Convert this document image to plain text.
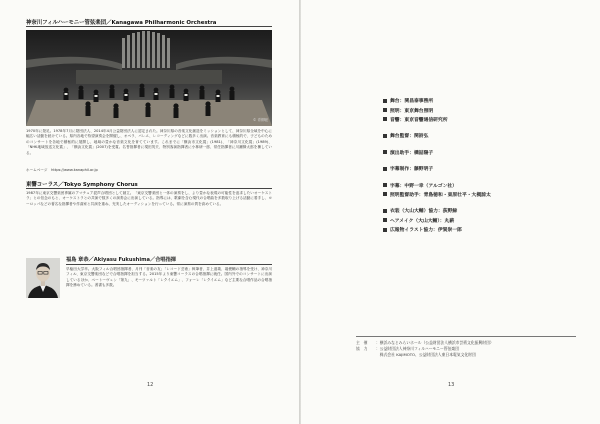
神奈川フィルハーモニー管弦楽団／Kanagawa Philharmonic Orchestra
© 青柳聡
1970年に発足。1978年7月に財団法人、2014年4月公益財団法人に認定された。神奈川県の音楽文化創造をミッションとして、神奈川県全域を中心に幅広い活動を続けている。県内各地で待望演奏会を開催し、オペラ、バレエ、レコーディングなどに数多く出演。音楽教育にも積極的で、子どものためのコンサートを各地で積極的に展開し、地域の豊かな音楽文化を育てています。これまでに「横浜市文化賞」(1981)、「神奈川文化賞」(1989)、「NHK地域放送文化賞」、「横浜文化賞」(2007)を受賞。名誉指揮者に現田茂夫、特別客演指揮者に小林研一郎、常任指揮者に川瀬賢太郎を擁している。
ホームページ　 https://www.kanaphil.or.jp
東響コーラス／Tokyo Symphony Chorus
1987年に東京交響楽団専属のアマチュア混声合唱団として創立。「東京交響楽団と一体の演奏をし、より豊かな表現の可能性を追求したいオーケストラ」との信念のもと、オーケストラとの共演で数多くの演奏会に出演している。指導には、歌劇を含む現代の合唱曲を多数取り上げる活動に着手し、ヨーロッパなどの著名な指揮者や作曲家と共演を重ね、充実したオーディションを行っている。常に演奏の質を高めている。
福島 章恭／Akiyasu Fukushima／合唱指揮
早稲田大学卒。大阪フィル合唱団指揮者、月刊「音楽の友」「レコード芸術」執筆者、井上道義、堀俊輔の指導を受け、神奈川フィル、東京交響楽団などで合唱指揮を担当する。2015年より東響コーラスの合唱指揮に就任。国内外でのコンサートに出演しているほか、ベートーヴェン「第九」、モーツァルト「レクイエム」、フォーレ「レクイエム」など主要な合唱作品の合唱指揮を務めている。著書も多数。
12
舞台：関昌泰事務所
照明：東京舞台照明
音響：東京音響通信研究所
舞台監督：関詩弘
演出助手：橋詰陽子
字幕制作：藤野明子
字幕：中野一幸（アルゴン社）
照明監督助手：青島徳和・東原壮平・大槻諒太
衣装（大山大輔）協力：荻野緑
ヘアメイク（大山大輔）：丸薪
広報物イラスト協力：伊賀崇一郎
主　催	：横浜みなとみらいホール（公益財団法人横浜市芸術文化振興財団）
協　力	：公益財団法人神奈川フィルハーモニー管弦楽団
　株式会社 KAJIMOTO、公益財団法人東日本電気文化財団
13
